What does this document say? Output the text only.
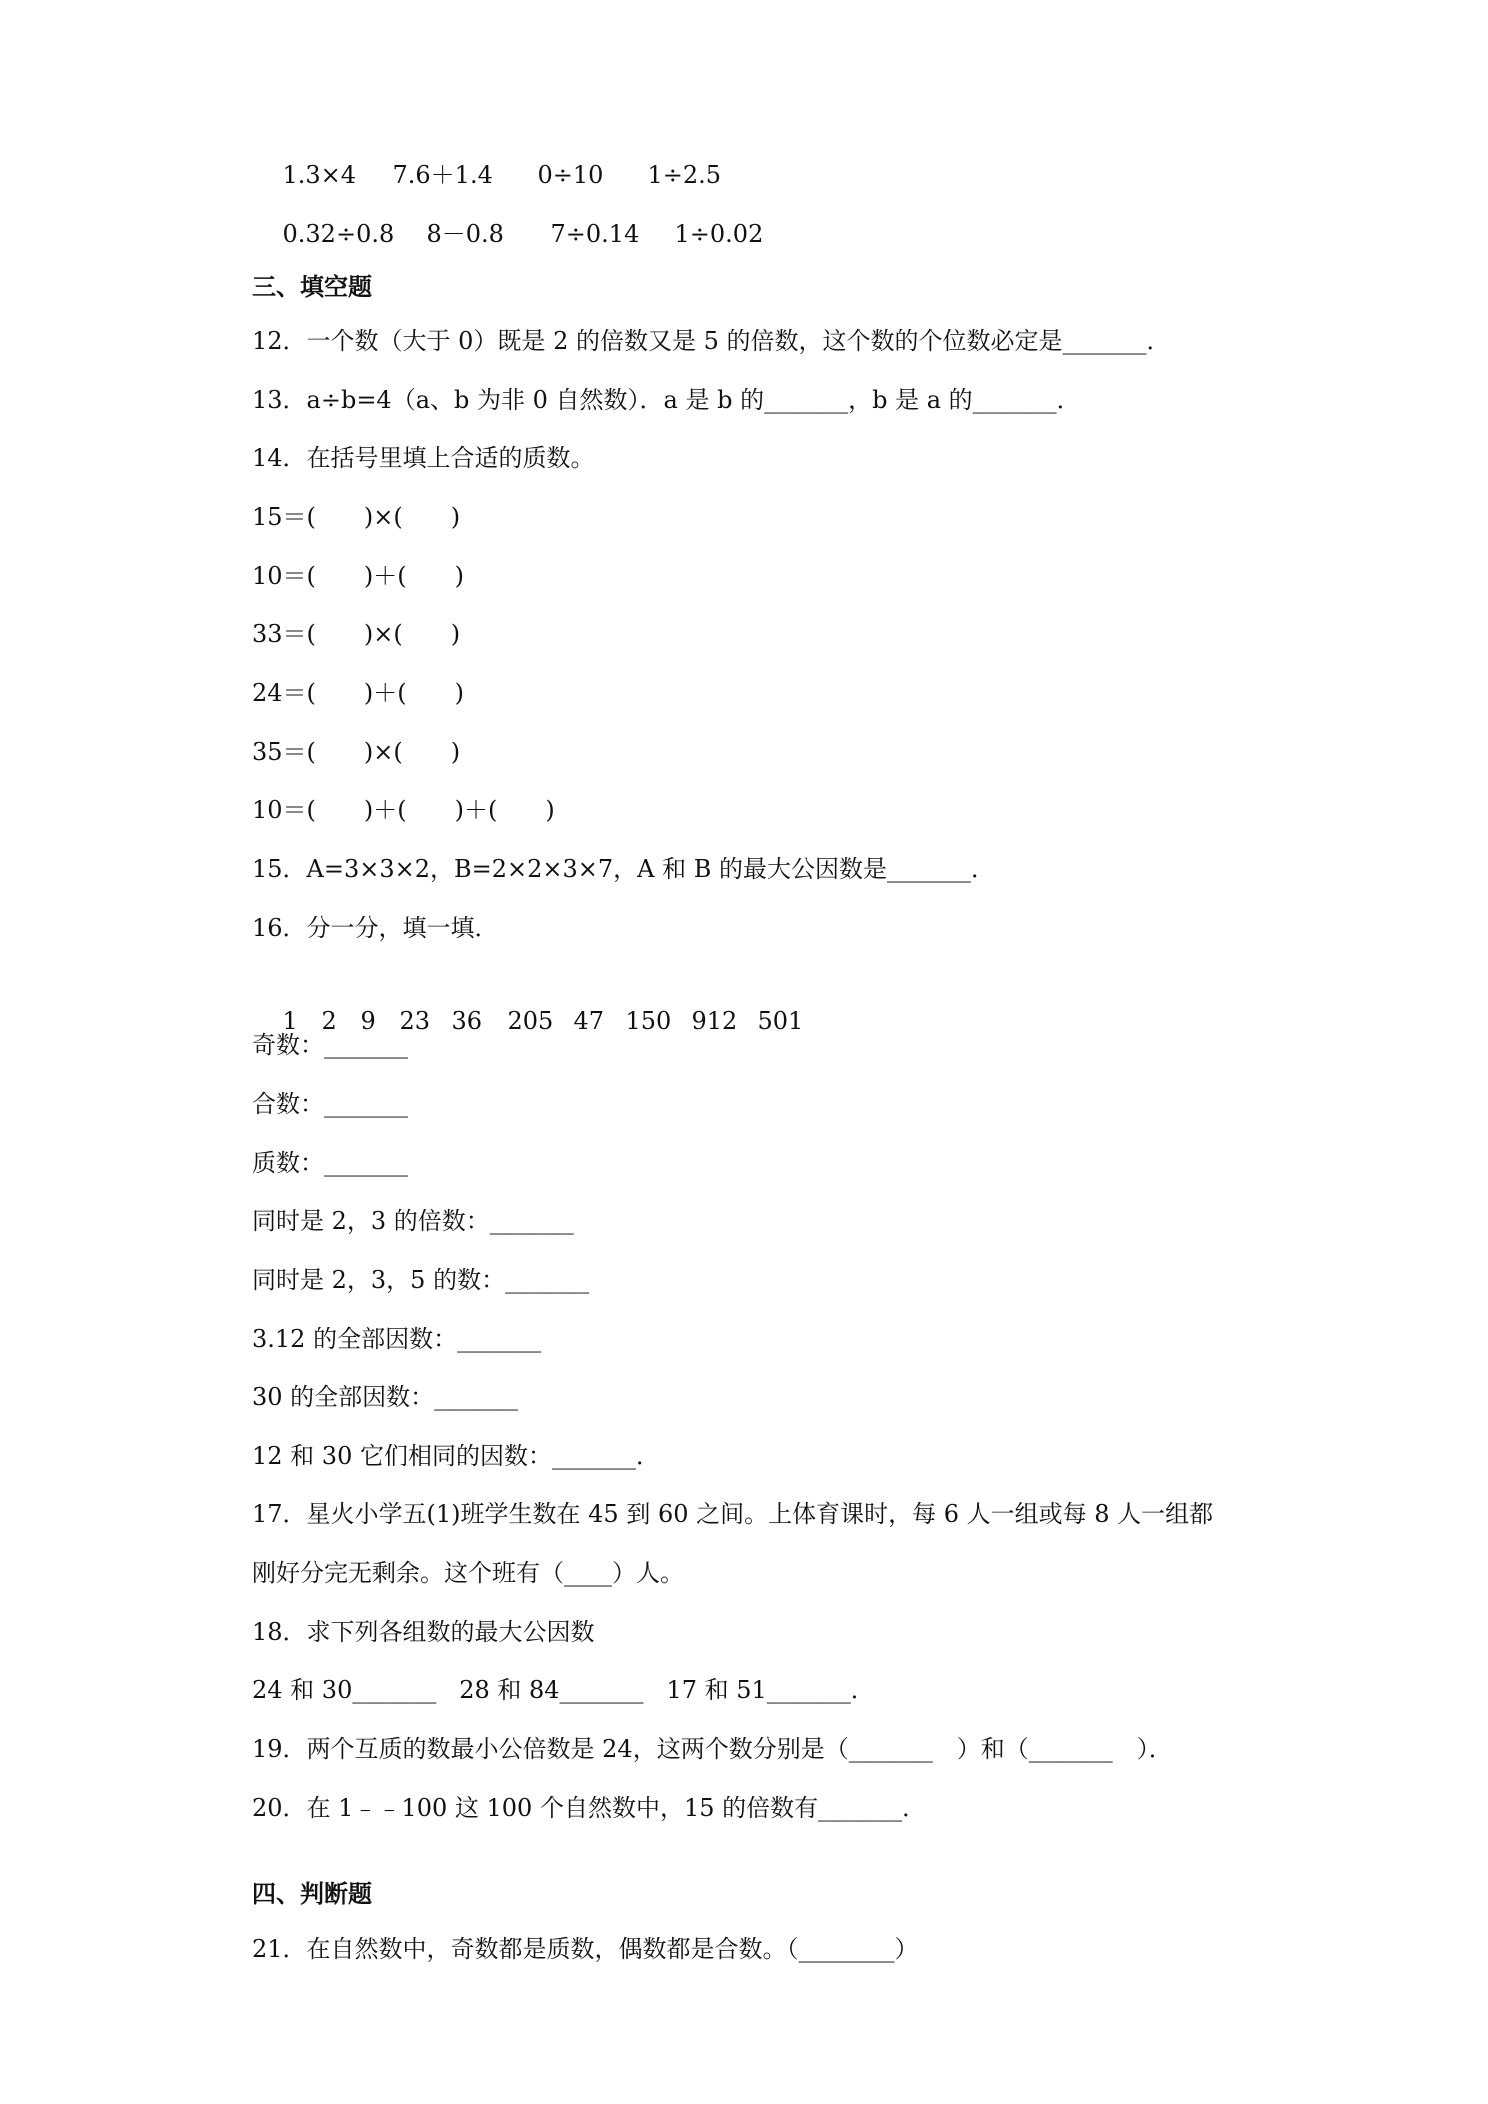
1.3×4 7.6＋1.4 0÷10 1÷2.5

0.32÷0.8 8－0.8 7÷0.14 1÷0.02

三、填空题
12．一个数（大于 0）既是 2 的倍数又是 5 的倍数，这个数的个位数必定是_______．
13．a÷b=4（a、b 为非 0 自然数）．a 是 b 的_______，b 是 a 的_______．
14．在括号里填上合适的质数。
15＝(　　)×(　　)
10＝(　　)＋(　　)
33＝(　　)×(　　)
24＝(　　)＋(　　)
35＝(　　)×(　　)
10＝(　　)＋(　　)＋(　　)
15．A=3×3×2，B=2×2×3×7，A 和 B 的最大公因数是_______．
16．分一分，填一填．

1 2 9 23 36 205 47 150 912 501

奇数：_______
合数：_______
质数：_______
同时是 2，3 的倍数：_______
同时是 2，3，5 的数：_______
3.12 的全部因数：_______
30 的全部因数：_______
12 和 30 它们相同的因数：_______．
17．星火小学五(1)班学生数在 45 到 60 之间。上体育课时，每 6 人一组或每 8 人一组都
刚好分完无剩余。这个班有（____）人。
18．求下列各组数的最大公因数
24 和 30_______   28 和 84_______   17 和 51_______．
19．两个互质的数最小公倍数是 24，这两个数分别是（_______　）和（_______　）．
20．在 1﹣﹣100 这 100 个自然数中，15 的倍数有_______．
四、判断题
21．在自然数中，奇数都是质数，偶数都是合数。（________）
